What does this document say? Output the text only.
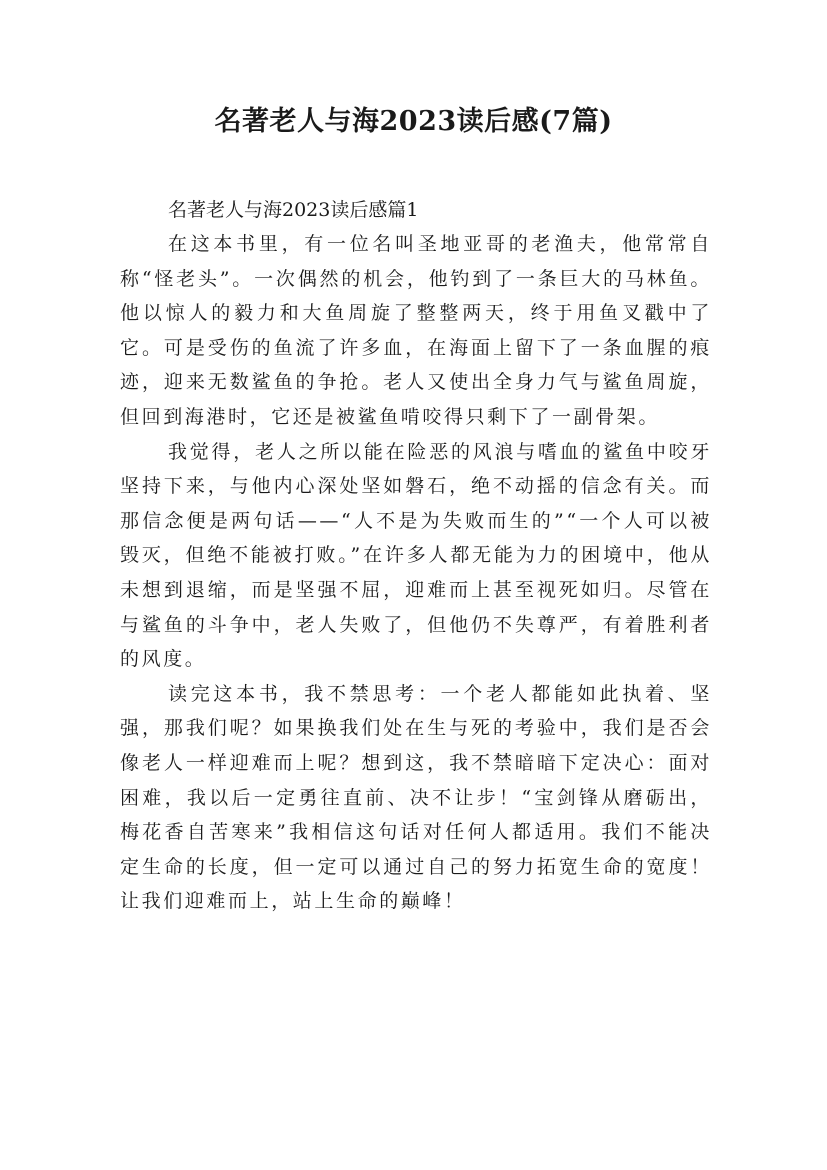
名著老人与海2023读后感(7篇)

名著老人与海2023读后感篇1

在这本书里，有一位名叫圣地亚哥的老渔夫，他常常自称“怪老头”。一次偶然的机会，他钓到了一条巨大的马林鱼。他以惊人的毅力和大鱼周旋了整整两天，终于用鱼叉戳中了它。可是受伤的鱼流了许多血，在海面上留下了一条血腥的痕迹，迎来无数鲨鱼的争抢。老人又使出全身力气与鲨鱼周旋，但回到海港时，它还是被鲨鱼啃咬得只剩下了一副骨架。

我觉得，老人之所以能在险恶的风浪与嗜血的鲨鱼中咬牙坚持下来，与他内心深处坚如磐石，绝不动摇的信念有关。而那信念便是两句话——“人不是为失败而生的”“一个人可以被毁灭，但绝不能被打败。”在许多人都无能为力的困境中，他从未想到退缩，而是坚强不屈，迎难而上甚至视死如归。尽管在与鲨鱼的斗争中，老人失败了，但他仍不失尊严，有着胜利者的风度。

读完这本书，我不禁思考：一个老人都能如此执着、坚强，那我们呢？如果换我们处在生与死的考验中，我们是否会像老人一样迎难而上呢？想到这，我不禁暗暗下定决心：面对困难，我以后一定勇往直前、决不让步！“宝剑锋从磨砺出，梅花香自苦寒来”我相信这句话对任何人都适用。我们不能决定生命的长度，但一定可以通过自己的努力拓宽生命的宽度！让我们迎难而上，站上生命的巅峰！
